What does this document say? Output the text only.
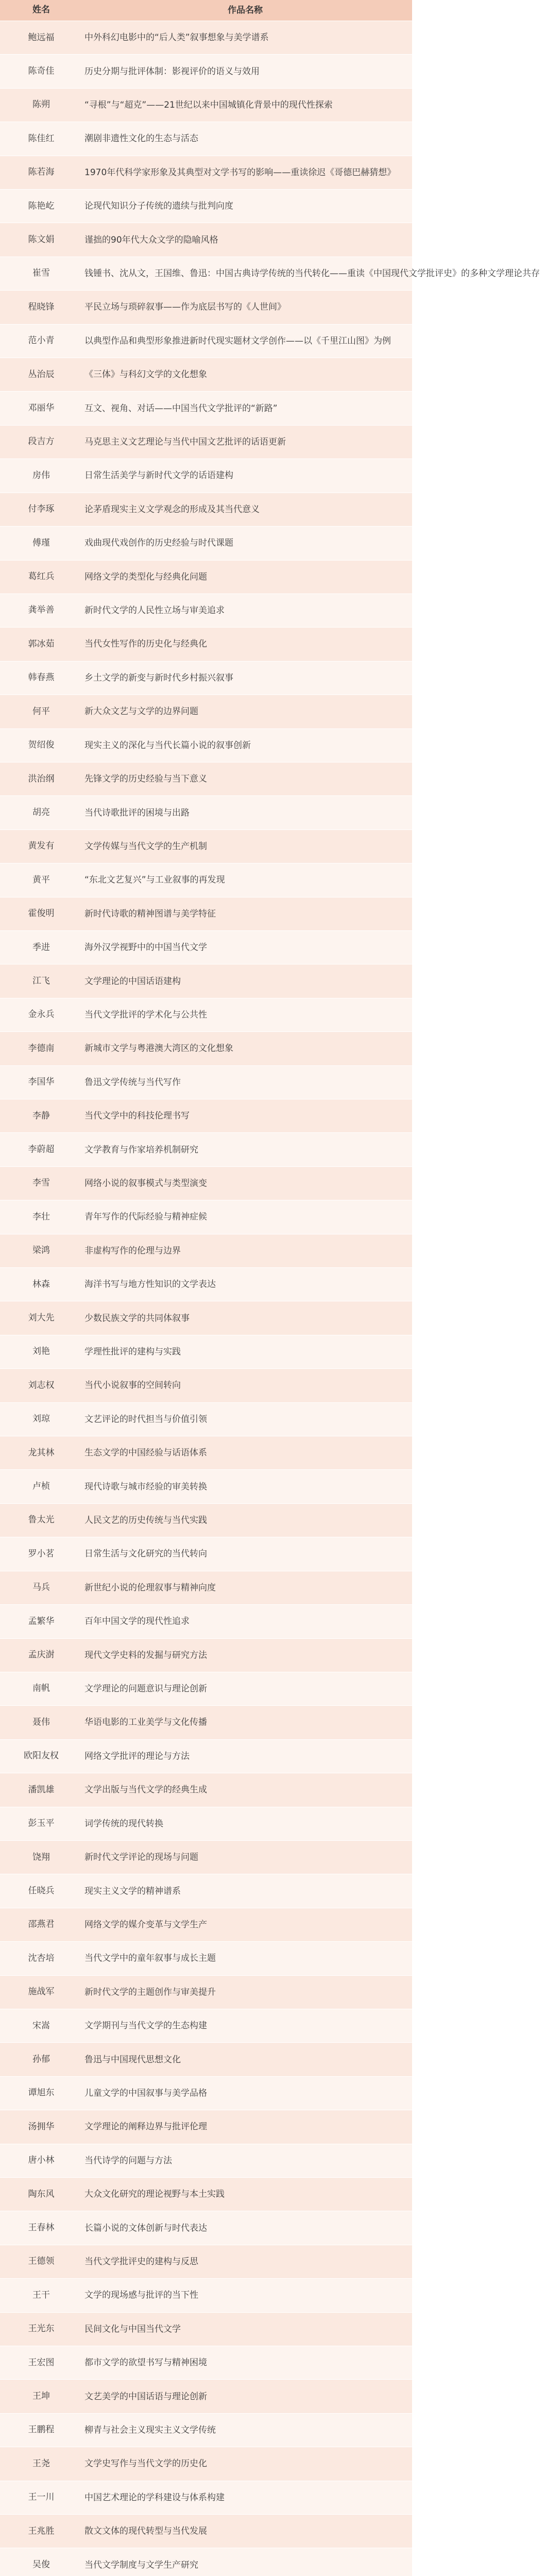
姓名	作品名称
鲍远福	中外科幻电影中的“后人类”叙事想象与美学谱系
陈奇佳	历史分期与批评体制：影视评价的语义与效用
陈朔	“寻根”与“超克”——21世纪以来中国城镇化背景中的现代性探索
陈佳红	潮剧非遗性文化的生态与活态
陈若海	1970年代科学家形象及其典型对文学书写的影响——重读徐迟《哥德巴赫猜想》
陈艳屹	论现代知识分子传统的遗续与批判向度
陈文娟	谨拙的90年代大众文学的隐喻风格
崔雪	钱锺书、沈从文，王国维、鲁迅：中国古典诗学传统的当代转化——重读《中国现代文学批评史》的多种文学理论共存
程晓锋	平民立场与琐碎叙事——作为底层书写的《人世间》
范小青	以典型作品和典型形象推进新时代现实题材文学创作——以《千里江山图》为例
丛治辰	《三体》与科幻文学的文化想象
邓丽华	互文、视角、对话——中国当代文学批评的“新路”
段吉方	马克思主义文艺理论与当代中国文艺批评的话语更新
房伟	日常生活美学与新时代文学的话语建构
付李琢	论茅盾现实主义文学观念的形成及其当代意义
傅瑾	戏曲现代戏创作的历史经验与时代课题
葛红兵	网络文学的类型化与经典化问题
龚举善	新时代文学的人民性立场与审美追求
郭冰茹	当代女性写作的历史化与经典化
韩春燕	乡土文学的新变与新时代乡村振兴叙事
何平	新大众文艺与文学的边界问题
贺绍俊	现实主义的深化与当代长篇小说的叙事创新
洪治纲	先锋文学的历史经验与当下意义
胡亮	当代诗歌批评的困境与出路
黄发有	文学传媒与当代文学的生产机制
黄平	“东北文艺复兴”与工业叙事的再发现
霍俊明	新时代诗歌的精神图谱与美学特征
季进	海外汉学视野中的中国当代文学
江飞	文学理论的中国话语建构
金永兵	当代文学批评的学术化与公共性
李德南	新城市文学与粤港澳大湾区的文化想象
李国华	鲁迅文学传统与当代写作
李静	当代文学中的科技伦理书写
李蔚超	文学教育与作家培养机制研究
李雪	网络小说的叙事模式与类型演变
李壮	青年写作的代际经验与精神症候
梁鸿	非虚构写作的伦理与边界
林森	海洋书写与地方性知识的文学表达
刘大先	少数民族文学的共同体叙事
刘艳	学理性批评的建构与实践
刘志权	当代小说叙事的空间转向
刘琼	文艺评论的时代担当与价值引领
龙其林	生态文学的中国经验与话语体系
卢桢	现代诗歌与城市经验的审美转换
鲁太光	人民文艺的历史传统与当代实践
罗小茗	日常生活与文化研究的当代转向
马兵	新世纪小说的伦理叙事与精神向度
孟繁华	百年中国文学的现代性追求
孟庆澍	现代文学史料的发掘与研究方法
南帆	文学理论的问题意识与理论创新
聂伟	华语电影的工业美学与文化传播
欧阳友权	网络文学批评的理论与方法
潘凯雄	文学出版与当代文学的经典生成
彭玉平	词学传统的现代转换
饶翔	新时代文学评论的现场与问题
任晓兵	现实主义文学的精神谱系
邵燕君	网络文学的媒介变革与文学生产
沈杏培	当代文学中的童年叙事与成长主题
施战军	新时代文学的主题创作与审美提升
宋嵩	文学期刊与当代文学的生态构建
孙郁	鲁迅与中国现代思想文化
谭旭东	儿童文学的中国叙事与美学品格
汤拥华	文学理论的阐释边界与批评伦理
唐小林	当代诗学的问题与方法
陶东风	大众文化研究的理论视野与本土实践
王春林	长篇小说的文体创新与时代表达
王德领	当代文学批评史的建构与反思
王干	文学的现场感与批评的当下性
王光东	民间文化与中国当代文学
王宏图	都市文学的欲望书写与精神困境
王坤	文艺美学的中国话语与理论创新
王鹏程	柳青与社会主义现实主义文学传统
王尧	文学史写作与当代文学的历史化
王一川	中国艺术理论的学科建设与体系构建
王兆胜	散文文体的现代转型与当代发展
吴俊	当代文学制度与文学生产研究
